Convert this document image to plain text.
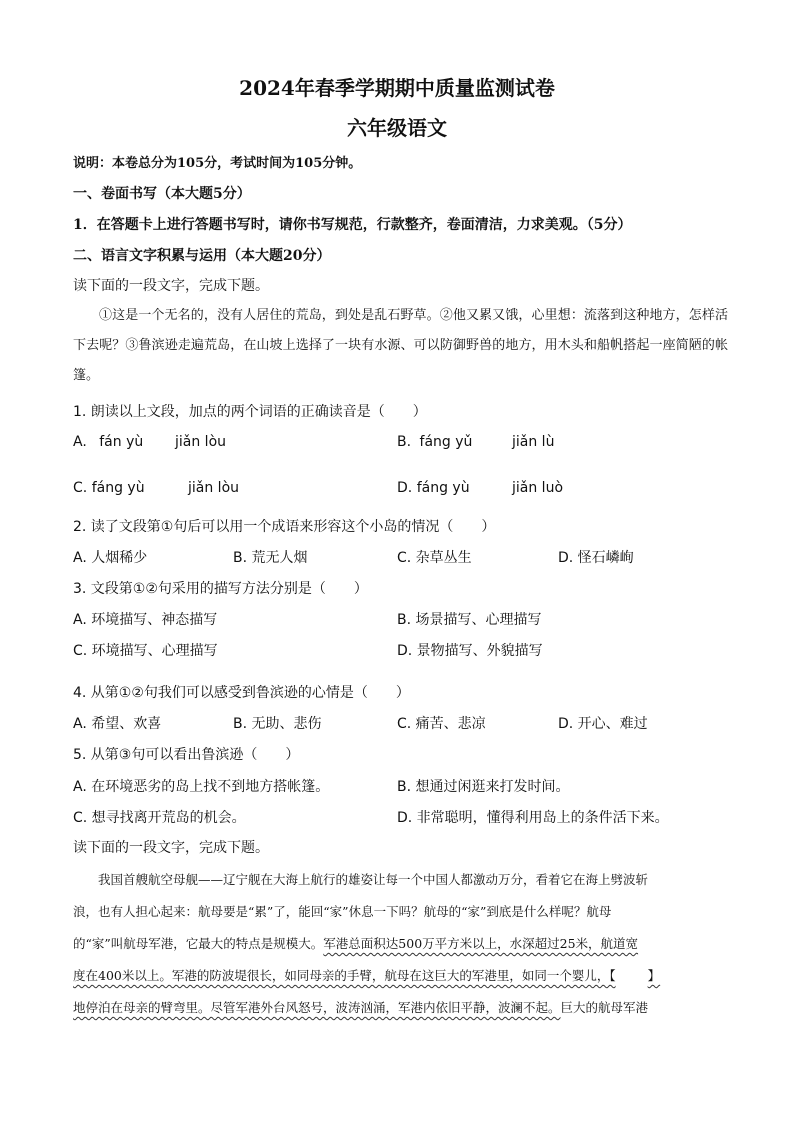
2024年春季学期期中质量监测试卷
六年级语文
说明：本卷总分为105分，考试时间为105分钟。
一、卷面书写（本大题5分）
1．在答题卡上进行答题书写时，请你书写规范，行款整齐，卷面清洁，力求美观。（5分）
二、语言文字积累与运用（本大题20分）
读下面的一段文字，完成下题。
①这是一个无名的，没有人居住的荒岛，到处是乱石野草。②他又累又饿，心里想：流落到这种地方，怎样活下去呢？③鲁滨逊走遍荒岛，在山坡上选择了一块有水源、可以防御野兽的地方，用木头和船帆搭起一座简陋的帐篷。
1. 朗读以上文段，加点的两个词语的正确读音是（　　）
A. fán yù jiǎn lòu	B. fáng yǔ	jiǎn lù
C. fáng yù	jiǎn lòu	D. fáng yù	jiǎn luò
2. 读了文段第①句后可以用一个成语来形容这个小岛的情况（　　）
A. 人烟稀少	B. 荒无人烟	C. 杂草丛生	D. 怪石嶙峋
3. 文段第①②句采用的描写方法分别是（　　）
A. 环境描写、神态描写	B. 场景描写、心理描写
C. 环境描写、心理描写	D. 景物描写、外貌描写
4. 从第①②句我们可以感受到鲁滨逊的心情是（　　）
A. 希望、欢喜	B. 无助、悲伤	C. 痛苦、悲凉	D. 开心、难过
5. 从第③句可以看出鲁滨逊（　　）
A. 在环境恶劣的岛上找不到地方搭帐篷。	B. 想通过闲逛来打发时间。
C. 想寻找离开荒岛的机会。	D. 非常聪明，懂得利用岛上的条件活下来。
读下面的一段文字，完成下题。
我国首艘航空母舰——辽宁舰在大海上航行的雄姿让每一个中国人都激动万分，看着它在海上劈波斩
浪，也有人担心起来：航母要是“累”了，能回“家”休息一下吗？航母的“家”到底是什么样呢？航母
的“家”叫航母军港，它最大的特点是规模大。军港总面积达500万平方米以上，水深超过25米，航道宽
度在400米以上。军港的防波堤很长，如同母亲的手臂，航母在这巨大的军港里，如同一个婴儿，【	】
地停泊在母亲的臂弯里。尽管军港外台风怒号，波涛汹涌，军港内依旧平静，波澜不起。巨大的航母军港
